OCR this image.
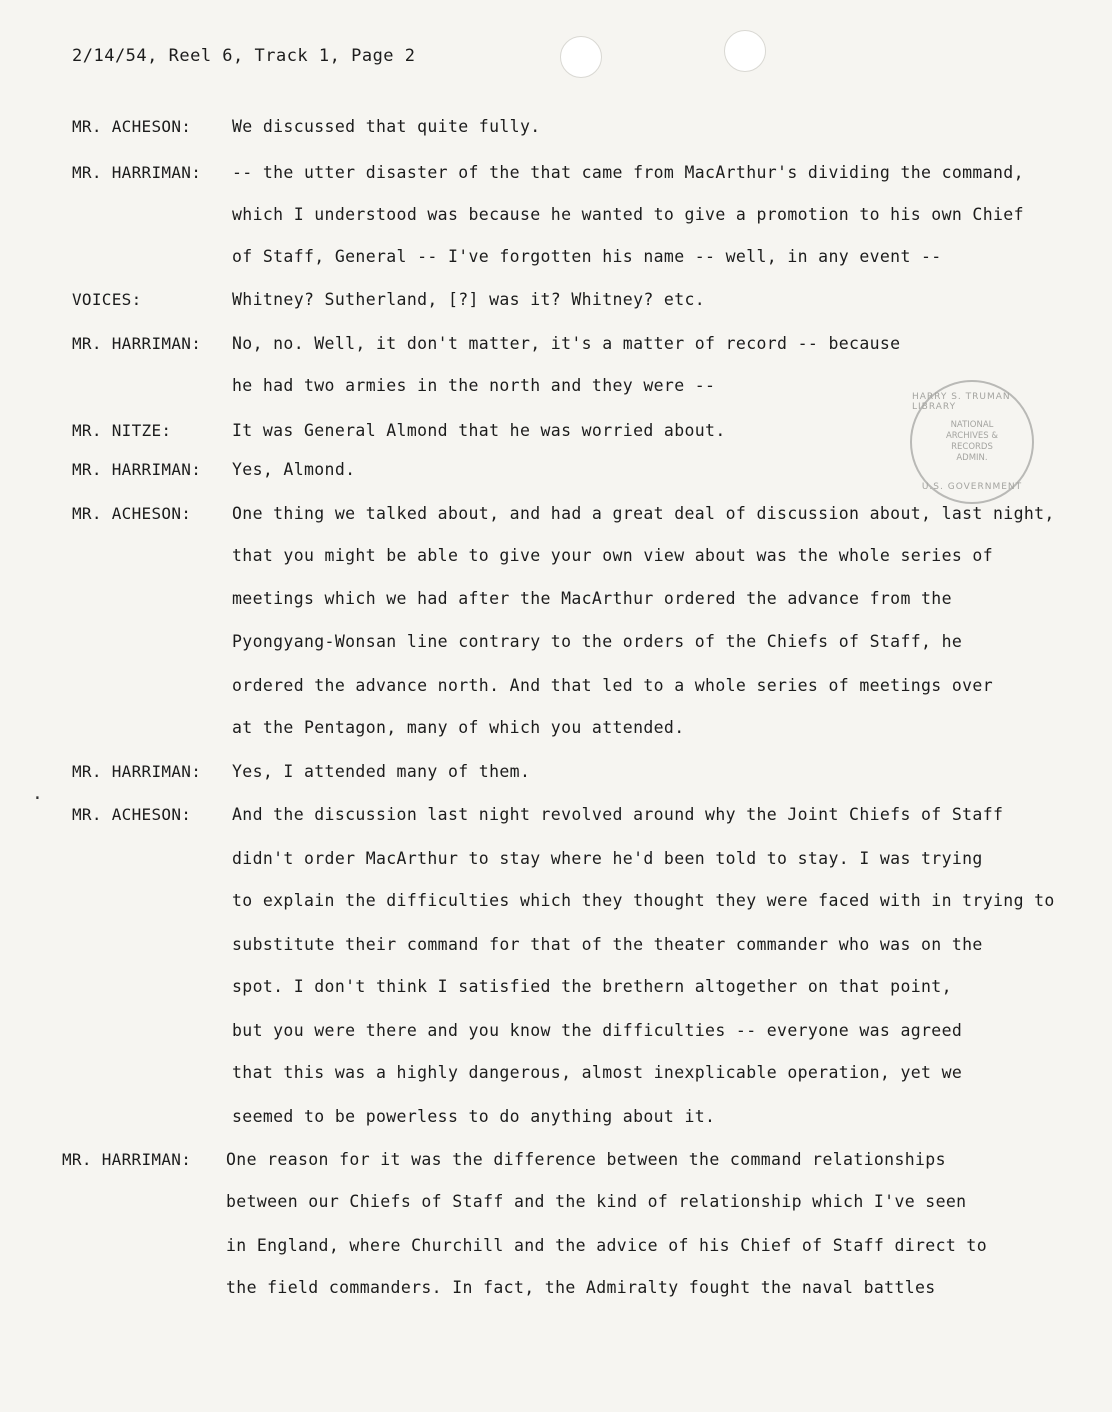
2/14/54, Reel 6, Track 1, Page 2
HARRY S. TRUMAN LIBRARY
NATIONAL
ARCHIVES &
RECORDS
ADMIN.
U.S. GOVERNMENT
MR. ACHESON: We discussed that quite fully.
MR. HARRIMAN: -- the utter disaster of the that came from MacArthur's dividing the command,
which I understood was because he wanted to give a promotion to his own Chief
of Staff, General -- I've forgotten his name -- well, in any event --
VOICES:	Whitney? Sutherland, [?] was it? Whitney? etc.
MR. HARRIMAN: No, no. Well, it don't matter, it's a matter of record -- because
he had two armies in the north and they were --
MR. NITZE:	It was General Almond that he was worried about.
MR. HARRIMAN: Yes, Almond.
MR. ACHESON: One thing we talked about, and had a great deal of discussion about, last night,
that you might be able to give your own view about was the whole series of
meetings which we had after the MacArthur ordered the advance from the
Pyongyang-Wonsan line contrary to the orders of the Chiefs of Staff, he
ordered the advance north. And that led to a whole series of meetings over
at the Pentagon, many of which you attended.
MR. HARRIMAN: Yes, I attended many of them.
·
MR. ACHESON: And the discussion last night revolved around why the Joint Chiefs of Staff
didn't order MacArthur to stay where he'd been told to stay. I was trying
to explain the difficulties which they thought they were faced with in trying to
substitute their command for that of the theater commander who was on the
spot. I don't think I satisfied the brethern altogether on that point,
but you were there and you know the difficulties -- everyone was agreed
that this was a highly dangerous, almost inexplicable operation, yet we
seemed to be powerless to do anything about it.
MR. HARRIMAN: One reason for it was the difference between the command relationships
between our Chiefs of Staff and the kind of relationship which I've seen
in England, where Churchill and the advice of his Chief of Staff direct to
the field commanders. In fact, the Admiralty fought the naval battles
